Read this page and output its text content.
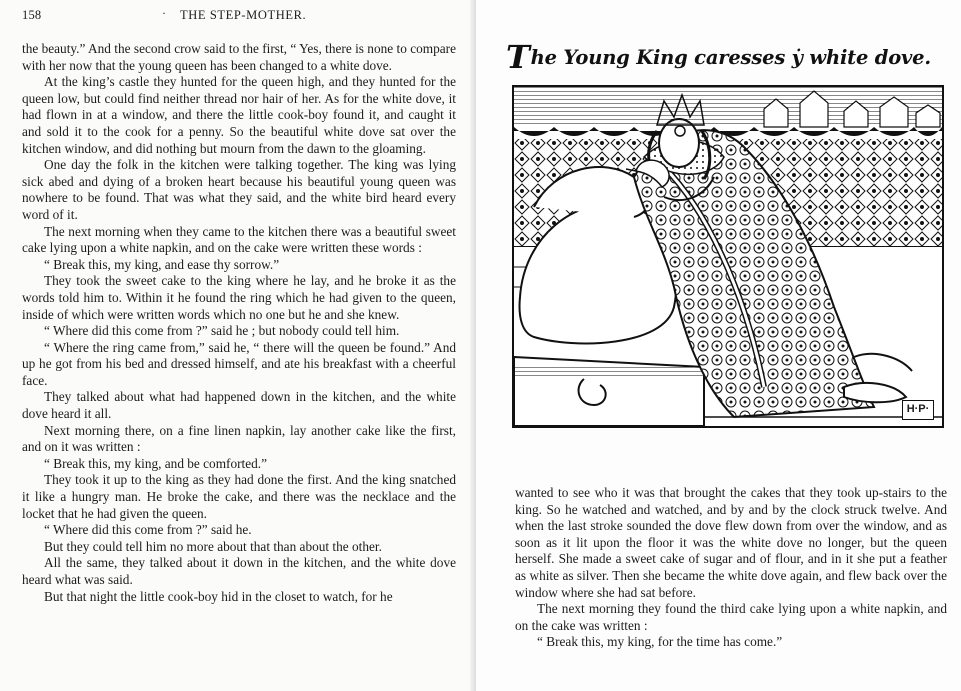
158	· THE STEP-MOTHER.

the beauty.” And the second crow said to the first, “ Yes, there is none to compare with her now that the young queen has been changed to a white dove.

At the king’s castle they hunted for the queen high, and they hunted for the queen low, but could find neither thread nor hair of her. As for the white dove, it had flown in at a window, and there the little cook-boy found it, and caught it and sold it to the cook for a penny. So the beautiful white dove sat over the kitchen window, and did nothing but mourn from the dawn to the gloaming.

One day the folk in the kitchen were talking together. The king was lying sick abed and dying of a broken heart because his beautiful young queen was nowhere to be found. That was what they said, and the white bird heard every word of it.

The next morning when they came to the kitchen there was a beautiful sweet cake lying upon a white napkin, and on the cake were written these words :

“ Break this, my king, and ease thy sorrow.”

They took the sweet cake to the king where he lay, and he broke it as the words told him to. Within it he found the ring which he had given to the queen, inside of which were written words which no one but he and she knew.

“ Where did this come from ?” said he ; but nobody could tell him.

“ Where the ring came from,” said he, “ there will the queen be found.” And up he got from his bed and dressed himself, and ate his breakfast with a cheerful face.

They talked about what had happened down in the kitchen, and the white dove heard it all.

Next morning there, on a fine linen napkin, lay another cake like the first, and on it was written :

“ Break this, my king, and be comforted.”

They took it up to the king as they had done the first. And the king snatched it like a hungry man. He broke the cake, and there was the necklace and the locket that he had given the queen.

“ Where did this come from ?” said he.

But they could tell him no more about that than about the other.

All the same, they talked about it down in the kitchen, and the white dove heard what was said.

But that night the little cook-boy hid in the closet to watch, for he

The Young King caresses ẏ white dove.
H·P·

wanted to see who it was that brought the cakes that they took up-stairs to the king. So he watched and watched, and by and by the clock struck twelve. And when the last stroke sounded the dove flew down from over the window, and as soon as it lit upon the floor it was the white dove no longer, but the queen herself. She made a sweet cake of sugar and of flour, and in it she put a feather as white as silver. Then she became the white dove again, and flew back over the window where she had sat before.

The next morning they found the third cake lying upon a white napkin, and on the cake was written :

“ Break this, my king, for the time has come.”
